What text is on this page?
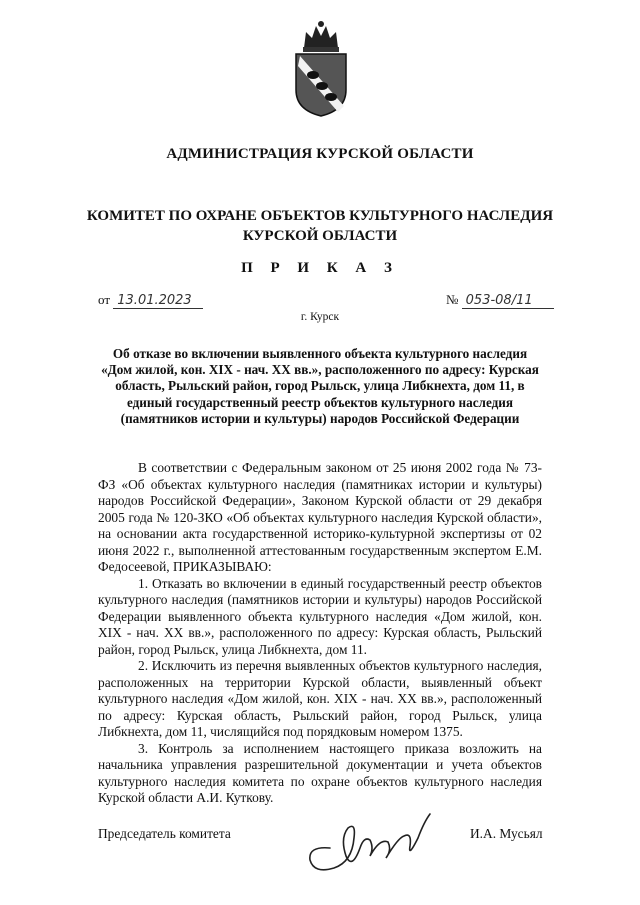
АДМИНИСТРАЦИЯ КУРСКОЙ ОБЛАСТИ
КОМИТЕТ ПО ОХРАНЕ ОБЪЕКТОВ КУЛЬТУРНОГО НАСЛЕДИЯ
КУРСКОЙ ОБЛАСТИ
П Р И К А З
от 13.01.2023	№ 053-08/11
г. Курск
Об отказе во включении выявленного объекта культурного наследия «Дом жилой, кон. XIX - нач. XX вв.», расположенного по адресу: Курская область, Рыльский район, город Рыльск, улица Либкнехта, дом 11, в единый государственный реестр объектов культурного наследия (памятников истории и культуры) народов Российской Федерации

В соответствии с Федеральным законом от 25 июня 2002 года № 73-ФЗ «Об объектах культурного наследия (памятниках истории и культуры) народов Российской Федерации», Законом Курской области от 29 декабря 2005 года № 120-ЗКО «Об объектах культурного наследия Курской области», на основании акта государственной историко-культурной экспертизы от 02 июня 2022 г., выполненной аттестованным государственным экспертом Е.М. Федосеевой, ПРИКАЗЫВАЮ:

1. Отказать во включении в единый государственный реестр объектов культурного наследия (памятников истории и культуры) народов Российской Федерации выявленного объекта культурного наследия «Дом жилой, кон. XIX - нач. XX вв.», расположенного по адресу: Курская область, Рыльский район, город Рыльск, улица Либкнехта, дом 11.

2. Исключить из перечня выявленных объектов культурного наследия, расположенных на территории Курской области, выявленный объект культурного наследия «Дом жилой, кон. XIX - нач. XX вв.», расположенный по адресу: Курская область, Рыльский район, город Рыльск, улица Либкнехта, дом 11, числящийся под порядковым номером 1375.

3. Контроль за исполнением настоящего приказа возложить на начальника управления разрешительной документации и учета объектов культурного наследия комитета по охране объектов культурного наследия Курской области А.И. Куткову.

Председатель комитета	И.А. Мусьял
